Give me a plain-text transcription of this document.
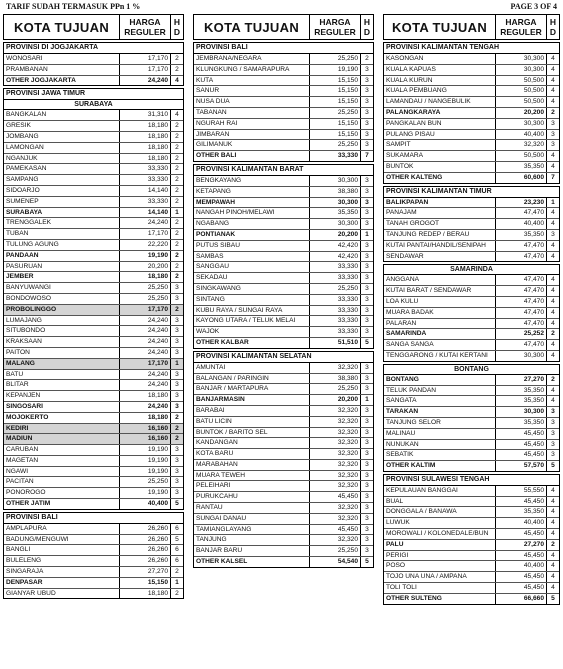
TARIF SUDAH TERMASUK PPn 1 %	PAGE 3 OF 4
KOTA TUJUAN	HARGA REGULER
H D
PROVINSI DI JOGJAKARTA
WONOSARI	17,170	2
PRAMBANAN	17,170	2
OTHER JOGJAKARTA	24,240	4
PROVINSI JAWA TIMUR
SURABAYA
BANGKALAN	31,310	4
GRESIK	18,180	2
JOMBANG	18,180	2
LAMONGAN	18,180	2
NGANJUK	18,180	2
PAMEKASAN	33,330	2
SAMPANG	33,330	2
SIDOARJO	14,140	2
SUMENEP	33,330	2
SURABAYA	14,140	1
TRENGGALEK	24,240	2
TUBAN	17,170	2
TULUNG AGUNG	22,220	2
PANDAAN	19,190	2
PASURUAN	20,200	2
JEMBER	18,180	2
BANYUWANGI	25,250	3
BONDOWOSO	25,250	3
PROBOLINGGO	17,170	2
LUMAJANG	24,240	3
SITUBONDO	24,240	3
KRAKSAAN	24,240	3
PAITON	24,240	3
MALANG	17,170	1
BATU	24,240	3
BLITAR	24,240	3
KEPANJEN	18,180	3
SINGOSARI	24,240	3
MOJOKERTO	18,180	2
KEDIRI	16,160	2
MADIUN	16,160	2
CARUBAN	19,190	3
MAGETAN	19,190	3
NGAWI	19,190	3
PACITAN	25,250	3
PONOROGO	19,190	3
OTHER JATIM	40,400	5
PROVINSI BALI
AMPLAPURA	26,260	6
BADUNG/MENGUWI	26,260	5
BANGLI	26,260	6
BULELENG	26,260	6
SINGARAJA	27,270	2
DENPASAR	15,150	1
GIANYAR UBUD	18,180	2
KOTA TUJUAN	HARGA REGULER
H D
PROVINSI BALI
JEMBRANA/NEGARA	25,250	2
KLUNGKUNG / SAMARAPURA	19,190	3
KUTA	15,150	3
SANUR	15,150	3
NUSA DUA	15,150	3
TABANAN	25,250	3
NGURAH RAI	15,150	3
JIMBARAN	15,150	3
GILIMANUK	25,250	3
OTHER BALI	33,330	7
PROVINSI KALIMANTAN BARAT
BENGKAYANG	30,300	3
KETAPANG	38,380	3
MEMPAWAH	30,300	3
NANGAH PINOH/MELAWI	35,350	3
NGABANG	30,300	3
PONTIANAK	20,200	1
PUTUS SIBAU	42,420	3
SAMBAS	42,420	3
SANGGAU	33,330	3
SEKADAU	33,330	3
SINGKAWANG	25,250	3
SINTANG	33,330	3
KUBU RAYA / SUNGAI RAYA	33,330	3
KAYONG UTARA / TELUK MELAI	33,330	3
WAJOK	33,330	3
OTHER KALBAR	51,510	5
PROVINSI KALIMANTAN SELATAN
AMUNTAI	32,320	3
BALANGAN / PARINGIN	38,380	3
BANJAR / MARTAPURA	25,250	3
BANJARMASIN	20,200	1
BARABAI	32,320	3
BATU LICIN	32,320	3
BUNTOK / BARITO SEL	32,320	3
KANDANGAN	32,320	3
KOTA BARU	32,320	3
MARABAHAN	32,320	3
MUARA TEWEH	32,320	3
PELEIHARI	32,320	3
PURUKCAHU	45,450	3
RANTAU	32,320	3
SUNGAI DANAU	32,320	3
TAMIANGLAYANG	45,450	3
TANJUNG	32,320	3
BANJAR BARU	25,250	3
OTHER KALSEL	54,540	5
KOTA TUJUAN	HARGA REGULER
H D
PROVINSI KALIMANTAN TENGAH
KASONGAN	30,300	4
KUALA KAPUAS	30,300	4
KUALA KURUN	50,500	4
KUALA PEMBUANG	50,500	4
LAMANDAU / NANGEBULIK	50,500	4
PALANGKARAYA	20,200	2
PANGKALAN BUN	30,300	3
PULANG PISAU	40,400	3
SAMPIT	32,320	3
SUKAMARA	50,500	4
BUNTOK	35,350	4
OTHER KALTENG	60,600	7
PROVINSI KALIMANTAN TIMUR
BALIKPAPAN	23,230	1
PANAJAM	47,470	4
TANAH GROGOT	40,400	4
TANJUNG REDEP / BERAU	35,350	3
KUTAI PANTAI/HANDIL/SENIPAH	47,470	4
SENDAWAR	47,470	4
SAMARINDA
ANGGANA	47,470	4
KUTAI BARAT / SENDAWAR	47,470	4
LOA KULU	47,470	4
MUARA BADAK	47,470	4
PALARAN	47,470	4
SAMARINDA	25,252	2
SANGA SANGA	47,470	4
TENGGARONG / KUTAI KERTANI	30,300	4
BONTANG
BONTANG	27,270	2
TELUK PANDAN	35,350	4
SANGATA	35,350	4
TARAKAN	30,300	3
TANJUNG SELOR	35,350	3
MALINAU	45,450	3
NUNUKAN	45,450	3
SEBATIK	45,450	3
OTHER KALTIM	57,570	5
PROVINSI SULAWESI TENGAH
KEPULAUAN BANGGAI	55,550	4
BUAL	45,450	4
DONGGALA / BANAWA	35,350	4
LUWUK	40,400	4
MOROWALI / KOLONEDALE/BUN	45,450	4
PALU	27,270	2
PERIGI	45,450	4
POSO	40,400	4
TOJO UNA UNA / AMPANA	45,450	4
TOLI TOLI	45,450	4
OTHER SULTENG	66,660	5
